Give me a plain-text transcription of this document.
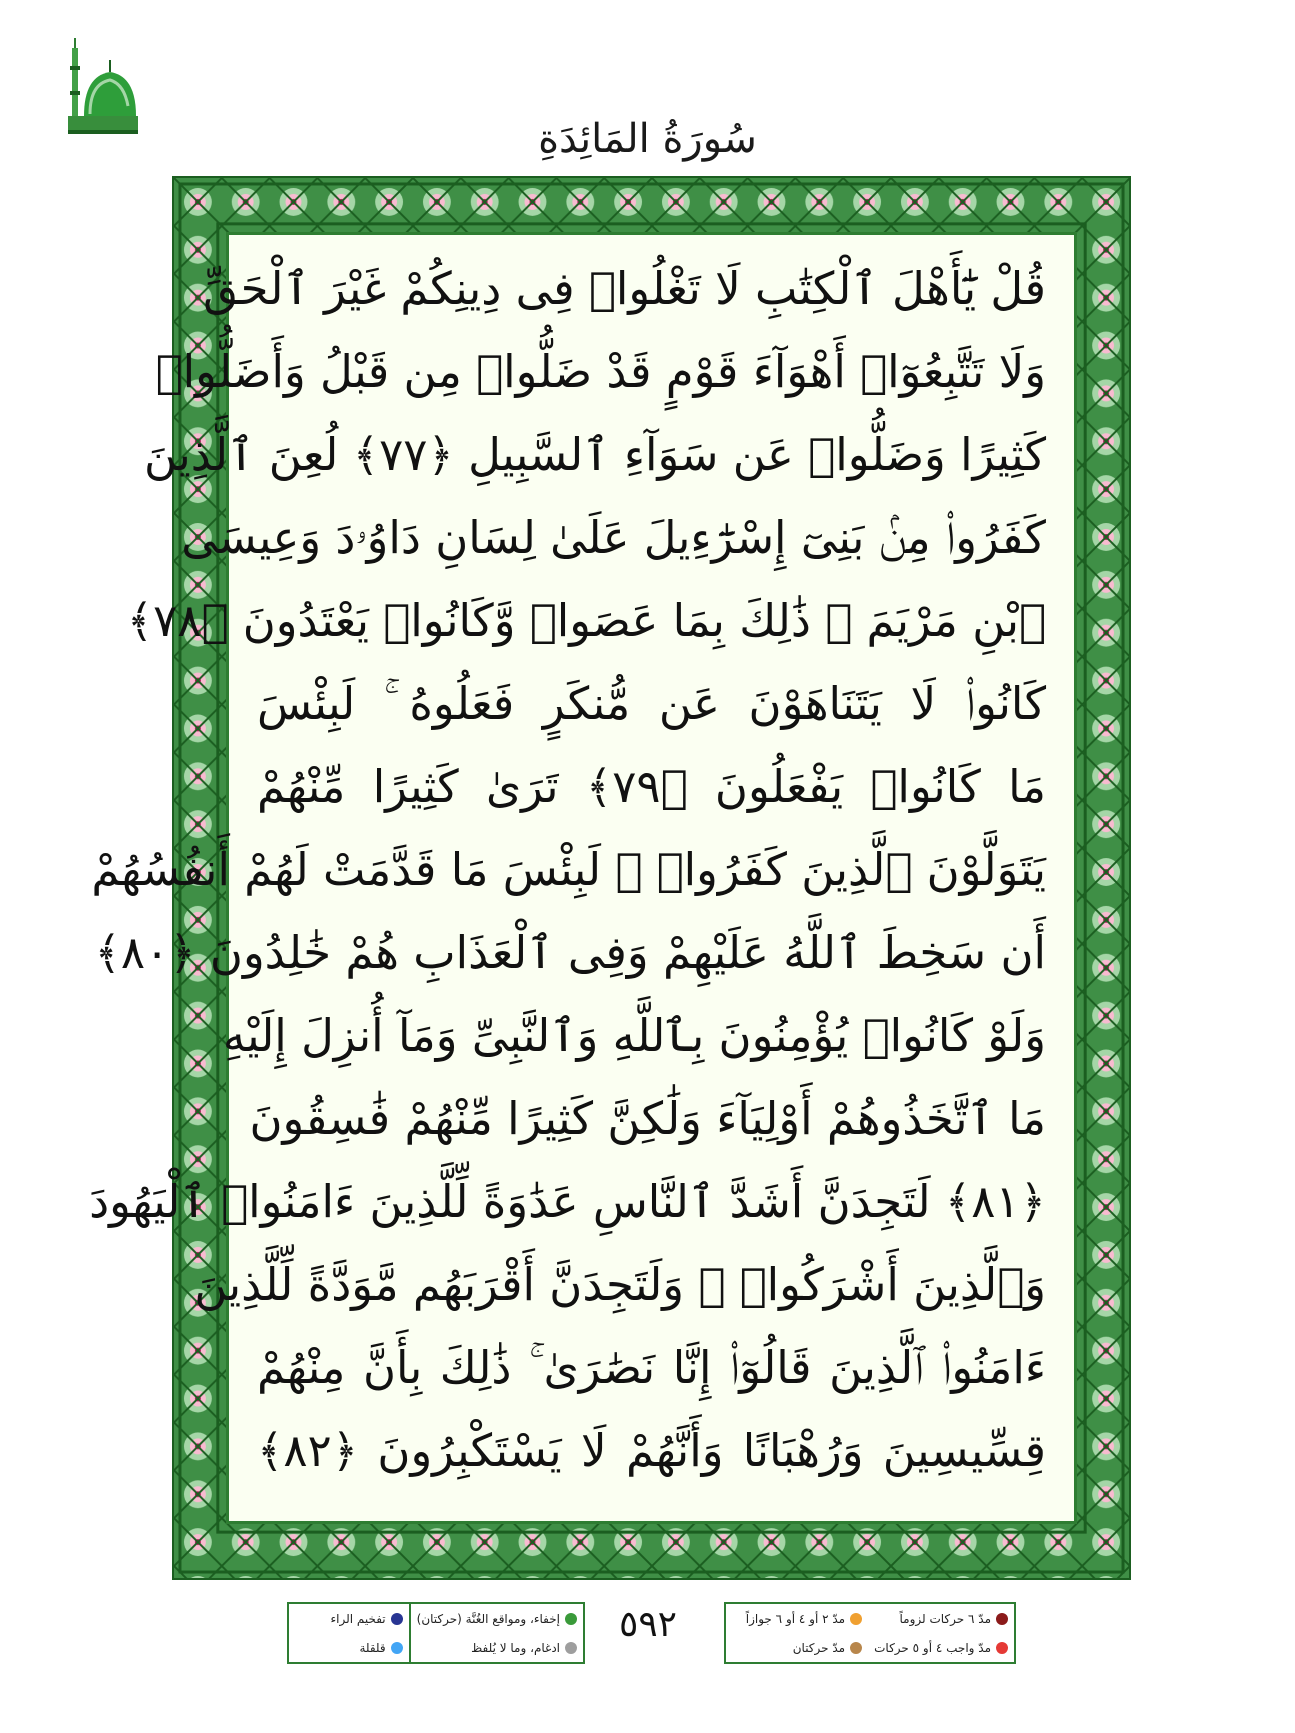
سُورَةُ المَائِدَةِ
قُلْ يَٰٓأَهْلَ ٱلْكِتَٰبِ لَا تَغْلُوا۟ فِى دِينِكُمْ غَيْرَ ٱلْحَقِّ
وَلَا تَتَّبِعُوٓا۟ أَهْوَآءَ قَوْمٍ قَدْ ضَلُّوا۟ مِن قَبْلُ وَأَضَلُّوا۟
كَثِيرًا وَضَلُّوا۟ عَن سَوَآءِ ٱلسَّبِيلِ ﴿٧٧﴾ لُعِنَ ٱلَّذِينَ
كَفَرُوا۟ مِنۢ بَنِىٓ إِسْرَٰٓءِيلَ عَلَىٰ لِسَانِ دَاوُۥدَ وَعِيسَى
ٱبْنِ مَرْيَمَ ۚ ذَٰلِكَ بِمَا عَصَوا۟ وَّكَانُوا۟ يَعْتَدُونَ ﴿٧٨﴾
كَانُوا۟ لَا يَتَنَاهَوْنَ عَن مُّنكَرٍ فَعَلُوهُ ۚ لَبِئْسَ
مَا كَانُوا۟ يَفْعَلُونَ ﴿٧٩﴾ تَرَىٰ كَثِيرًا مِّنْهُمْ
يَتَوَلَّوْنَ ٱلَّذِينَ كَفَرُوا۟ ۚ لَبِئْسَ مَا قَدَّمَتْ لَهُمْ أَنفُسُهُمْ
أَن سَخِطَ ٱللَّهُ عَلَيْهِمْ وَفِى ٱلْعَذَابِ هُمْ خَٰلِدُونَ ﴿٨٠﴾
وَلَوْ كَانُوا۟ يُؤْمِنُونَ بِٱللَّهِ وَٱلنَّبِىِّ وَمَآ أُنزِلَ إِلَيْهِ
مَا ٱتَّخَذُوهُمْ أَوْلِيَآءَ وَلَٰكِنَّ كَثِيرًا مِّنْهُمْ فَٰسِقُونَ
﴿٨١﴾ لَتَجِدَنَّ أَشَدَّ ٱلنَّاسِ عَدَٰوَةً لِّلَّذِينَ ءَامَنُوا۟ ٱلْيَهُودَ
وَٱلَّذِينَ أَشْرَكُوا۟ ۖ وَلَتَجِدَنَّ أَقْرَبَهُم مَّوَدَّةً لِّلَّذِينَ
ءَامَنُوا۟ ٱلَّذِينَ قَالُوٓا۟ إِنَّا نَصَٰرَىٰ ۚ ذَٰلِكَ بِأَنَّ مِنْهُمْ
قِسِّيسِينَ وَرُهْبَانًا وَأَنَّهُمْ لَا يَسْتَكْبِرُونَ ﴿٨٢﴾
مدّ ٦ حركات لزوماً
مدّ واجب ٤ أو ٥ حركات
مدّ ٢ أو ٤ أو ٦ جوازاً
مدّ حركتان
٥٩٢
إخفاء، ومواقع الغُنَّة (حركتان)
ادغام، وما لا يُلفظ
تفخيم الراء
قلقلة
